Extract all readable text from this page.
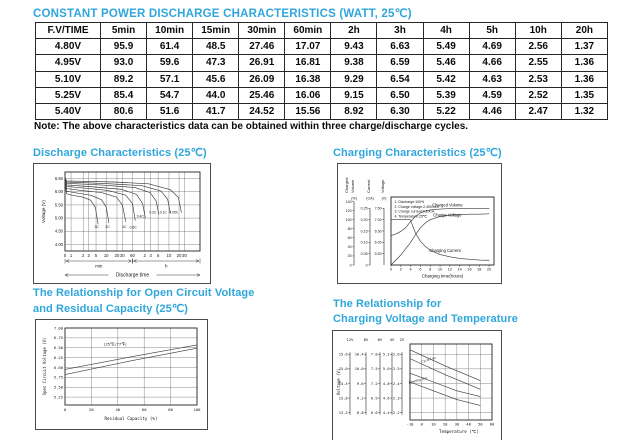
CONSTANT POWER DISCHARGE CHARACTERISTICS (WATT, 25℃)
F.V/TIME	5min	10min	15min	30min	60min	2h	3h	4h	5h	10h	20h
4.80V	95.9	61.4	48.5	27.46	17.07	9.43	6.63	5.49	4.69	2.56	1.37
4.95V	93.0	59.6	47.3	26.91	16.81	9.38	6.59	5.46	4.66	2.55	1.36
5.10V	89.2	57.1	45.6	26.09	16.38	9.29	6.54	5.42	4.63	2.53	1.36
5.25V	85.4	54.7	44.0	25.46	16.06	9.15	6.50	5.39	4.59	2.52	1.35
5.40V	80.6	51.6	41.7	24.52	15.56	8.92	6.30	5.22	4.46	2.47	1.32
Note: The above characteristics data can be obtained within three charge/discharge cycles.
Discharge Characteristics (25℃)
6.50
6.00
5.50
5.00
4.50
4.00
Voltage (V)
0 1 2 3 5 10 20 30 60 2 3 5 10 20 30
min	h
Discharge time
3C 2C	1C 0.6C
0.4C
0.2C 0.1C 0.05C
Charging Characteristics (25℃)
Charged Volume
(%)
140
120
100
80
60
40
20
0
Current
(CA)
0.25
0.20
0.15
0.10
0.05
0
Voltage
(V)
7.50
7.00
6.50
6.00
5.50
1. Discharge:100%
2. Charge voltage:2.45V/cell
3. Charge current:0.20CA
4. Temperature:25℃
Charged Volume
Charge Voltage
Charging Current
0 2 4 6 8 10 12 14 16 18 20
Charging time(hours)
The Relationship for Open Circuit Voltage
and Residual Capacity (25℃)
7.00
6.75
6.50
6.25
6.00
5.75
5.50
5.25
0	20	40	60	80	100
Open Circuit Voltage (V)
Residual Capacity (%)
(25℃/77℉)
The Relationship for
Charging Voltage and Temperature
Voltage (V)
12V
15.6
15.0
14.4
13.8
13.2
8V
10.4
10.0
9.6
9.2
8.8
6V
7.8
7.5
7.2
6.9
6.6
4V
5.2
5.0
4.8
4.6
4.4
2V
2.6
2.5
2.4
2.3
2.2
-10 0 10 20 30 40 50 60
Temperature (℃)
Cycle Use
Floating Use
